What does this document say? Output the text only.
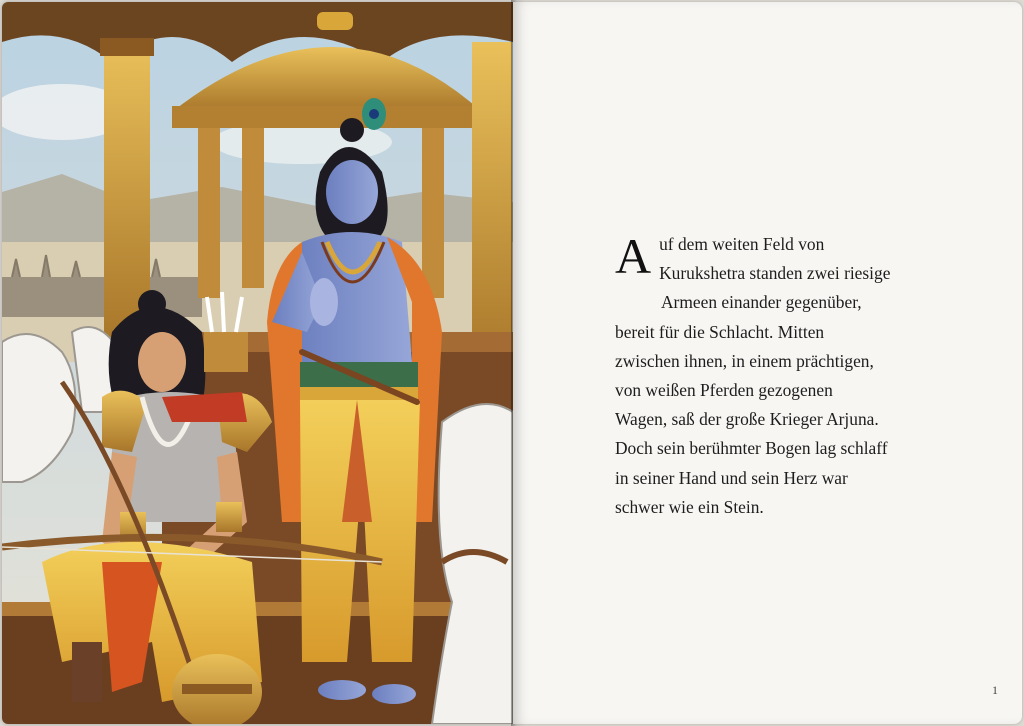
A uf dem weiten Feld von
Kurukshetra standen zwei riesige
Armeen einander gegenüber,
bereit für die Schlacht. Mitten
zwischen ihnen, in einem prächtigen,
von weißen Pferden gezogenen
Wagen, saß der große Krieger Arjuna.
Doch sein berühmter Bogen lag schlaff
in seiner Hand und sein Herz war
schwer wie ein Stein.
1
